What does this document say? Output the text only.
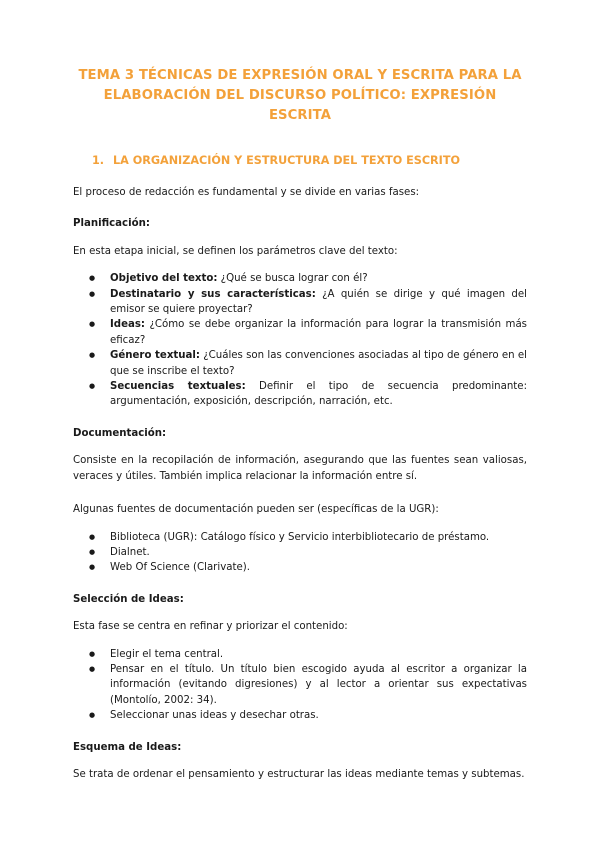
TEMA 3 TÉCNICAS DE EXPRESIÓN ORAL Y ESCRITA PARA LA ELABORACIÓN DEL DISCURSO POLÍTICO: EXPRESIÓN ESCRITA
1. LA ORGANIZACIÓN Y ESTRUCTURA DEL TEXTO ESCRITO

El proceso de redacción es fundamental y se divide en varias fases:

Planificación:

En esta etapa inicial, se definen los parámetros clave del texto:

● Objetivo del texto: ¿Qué se busca lograr con él?
● Destinatario y sus características: ¿A quién se dirige y qué imagen del emisor se quiere proyectar?
● Ideas: ¿Cómo se debe organizar la información para lograr la transmisión más eficaz?
● Género textual: ¿Cuáles son las convenciones asociadas al tipo de género en el que se inscribe el texto?
● Secuencias textuales: Definir el tipo de secuencia predominante: argumentación, exposición, descripción, narración, etc.

Documentación:

Consiste en la recopilación de información, asegurando que las fuentes sean valiosas, veraces y útiles. También implica relacionar la información entre sí.

Algunas fuentes de documentación pueden ser (específicas de la UGR):

● Biblioteca (UGR): Catálogo físico y Servicio interbibliotecario de préstamo.
● Dialnet.
● Web Of Science (Clarivate).

Selección de Ideas:

Esta fase se centra en refinar y priorizar el contenido:

● Elegir el tema central.
● Pensar en el título. Un título bien escogido ayuda al escritor a organizar la información (evitando digresiones) y al lector a orientar sus expectativas (Montolío, 2002: 34).
● Seleccionar unas ideas y desechar otras.

Esquema de Ideas:

Se trata de ordenar el pensamiento y estructurar las ideas mediante temas y subtemas.
